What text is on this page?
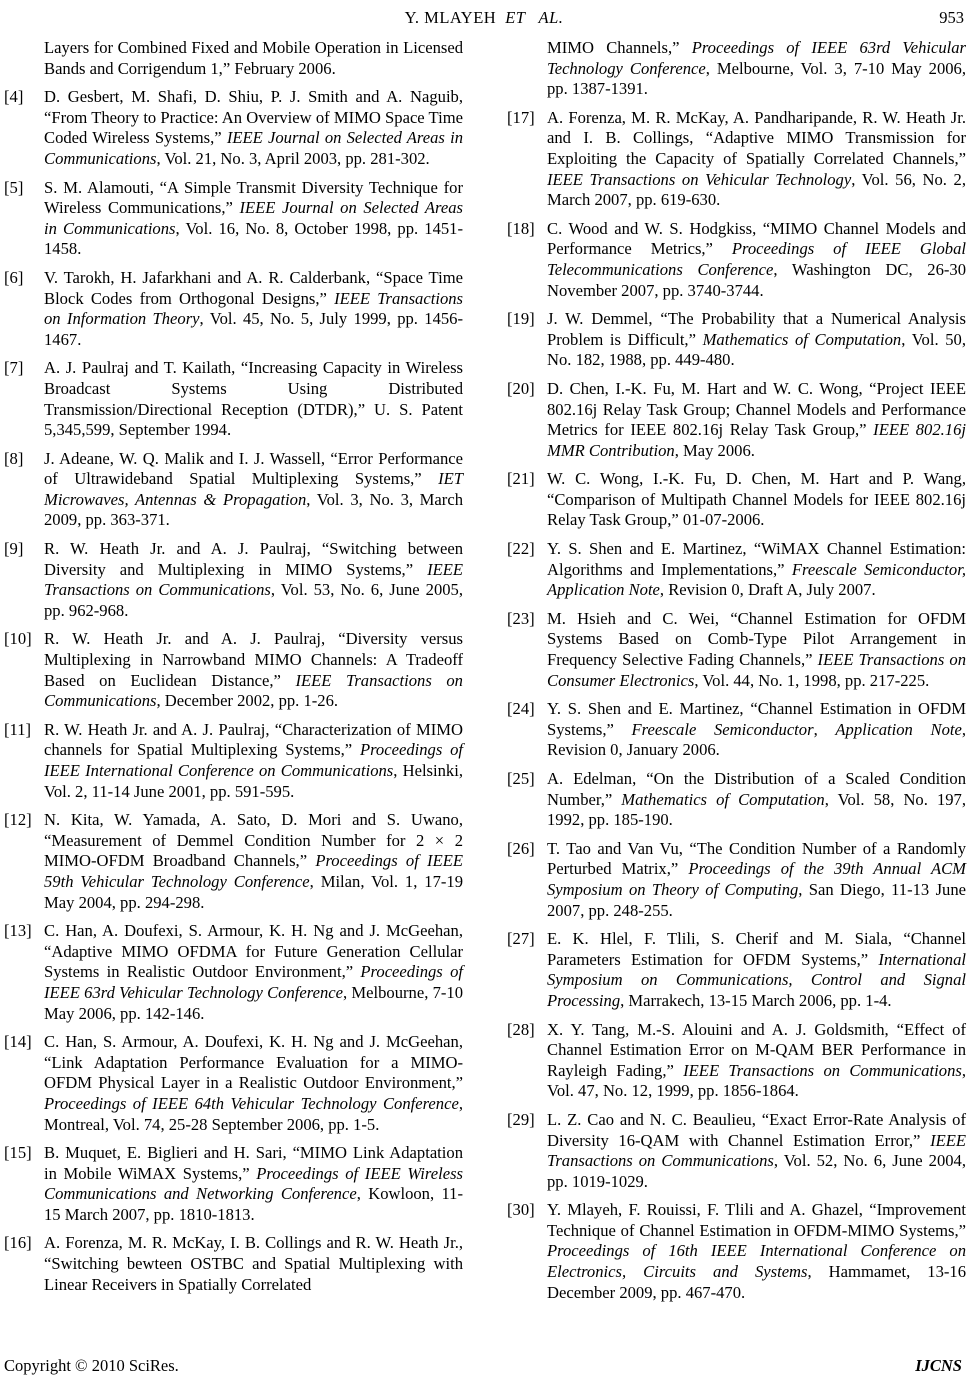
Y. MLAYEH ET AL.	953
Layers for Combined Fixed and Mobile Operation in Licensed Bands and Corrigendum 1,” February 2006.
[4] D. Gesbert, M. Shafi, D. Shiu, P. J. Smith and A. Naguib, “From Theory to Practice: An Overview of MIMO Space Time Coded Wireless Systems,” IEEE Journal on Selected Areas in Communications, Vol. 21, No. 3, April 2003, pp. 281-302.
[5] S. M. Alamouti, “A Simple Transmit Diversity Technique for Wireless Communications,” IEEE Journal on Selected Areas in Communications, Vol. 16, No. 8, October 1998, pp. 1451-1458.
[6] V. Tarokh, H. Jafarkhani and A. R. Calderbank, “Space Time Block Codes from Orthogonal Designs,” IEEE Transactions on Information Theory, Vol. 45, No. 5, July 1999, pp. 1456-1467.
[7] A. J. Paulraj and T. Kailath, “Increasing Capacity in Wireless Broadcast Systems Using Distributed Transmission/Directional Reception (DTDR),” U. S. Patent 5,345,599, September 1994.
[8] J. Adeane, W. Q. Malik and I. J. Wassell, “Error Performance of Ultrawideband Spatial Multiplexing Systems,” IET Microwaves, Antennas & Propagation, Vol. 3, No. 3, March 2009, pp. 363-371.
[9] R. W. Heath Jr. and A. J. Paulraj, “Switching between Diversity and Multiplexing in MIMO Systems,” IEEE Transactions on Communications, Vol. 53, No. 6, June 2005, pp. 962-968.
[10] R. W. Heath Jr. and A. J. Paulraj, “Diversity versus Multiplexing in Narrowband MIMO Channels: A Tradeoff Based on Euclidean Distance,” IEEE Transactions on Communications, December 2002, pp. 1-26.
[11] R. W. Heath Jr. and A. J. Paulraj, “Characterization of MIMO channels for Spatial Multiplexing Systems,” Proceedings of IEEE International Conference on Communications, Helsinki, Vol. 2, 11-14 June 2001, pp. 591-595.
[12] N. Kita, W. Yamada, A. Sato, D. Mori and S. Uwano, “Measurement of Demmel Condition Number for 2 × 2 MIMO-OFDM Broadband Channels,” Proceedings of IEEE 59th Vehicular Technology Conference, Milan, Vol. 1, 17-19 May 2004, pp. 294-298.
[13] C. Han, A. Doufexi, S. Armour, K. H. Ng and J. McGeehan, “Adaptive MIMO OFDMA for Future Generation Cellular Systems in Realistic Outdoor Environment,” Proceedings of IEEE 63rd Vehicular Technology Conference, Melbourne, 7-10 May 2006, pp. 142-146.
[14] C. Han, S. Armour, A. Doufexi, K. H. Ng and J. McGeehan, “Link Adaptation Performance Evaluation for a MIMO-OFDM Physical Layer in a Realistic Outdoor Environment,” Proceedings of IEEE 64th Vehicular Technology Conference, Montreal, Vol. 74, 25-28 September 2006, pp. 1-5.
[15] B. Muquet, E. Biglieri and H. Sari, “MIMO Link Adaptation in Mobile WiMAX Systems,” Proceedings of IEEE Wireless Communications and Networking Conference, Kowloon, 11-15 March 2007, pp. 1810-1813.
[16] A. Forenza, M. R. McKay, I. B. Collings and R. W. Heath Jr., “Switching bewteen OSTBC and Spatial Multiplexing with Linear Receivers in Spatially Correlated
MIMO Channels,” Proceedings of IEEE 63rd Vehicular Technology Conference, Melbourne, Vol. 3, 7-10 May 2006, pp. 1387-1391.
[17] A. Forenza, M. R. McKay, A. Pandharipande, R. W. Heath Jr. and I. B. Collings, “Adaptive MIMO Transmission for Exploiting the Capacity of Spatially Correlated Channels,” IEEE Transactions on Vehicular Technology, Vol. 56, No. 2, March 2007, pp. 619-630.
[18] C. Wood and W. S. Hodgkiss, “MIMO Channel Models and Performance Metrics,” Proceedings of IEEE Global Telecommunications Conference, Washington DC, 26-30 November 2007, pp. 3740-3744.
[19] J. W. Demmel, “The Probability that a Numerical Analysis Problem is Difficult,” Mathematics of Computation, Vol. 50, No. 182, 1988, pp. 449-480.
[20] D. Chen, I.-K. Fu, M. Hart and W. C. Wong, “Project IEEE 802.16j Relay Task Group; Channel Models and Performance Metrics for IEEE 802.16j Relay Task Group,” IEEE 802.16j MMR Contribution, May 2006.
[21] W. C. Wong, I.-K. Fu, D. Chen, M. Hart and P. Wang, “Comparison of Multipath Channel Models for IEEE 802.16j Relay Task Group,” 01-07-2006.
[22] Y. S. Shen and E. Martinez, “WiMAX Channel Estimation: Algorithms and Implementations,” Freescale Semiconductor, Application Note, Revision 0, Draft A, July 2007.
[23] M. Hsieh and C. Wei, “Channel Estimation for OFDM Systems Based on Comb-Type Pilot Arrangement in Frequency Selective Fading Channels,” IEEE Transactions on Consumer Electronics, Vol. 44, No. 1, 1998, pp. 217-225.
[24] Y. S. Shen and E. Martinez, “Channel Estimation in OFDM Systems,” Freescale Semiconductor, Application Note, Revision 0, January 2006.
[25] A. Edelman, “On the Distribution of a Scaled Condition Number,” Mathematics of Computation, Vol. 58, No. 197, 1992, pp. 185-190.
[26] T. Tao and Van Vu, “The Condition Number of a Randomly Perturbed Matrix,” Proceedings of the 39th Annual ACM Symposium on Theory of Computing, San Diego, 11-13 June 2007, pp. 248-255.
[27] E. K. Hlel, F. Tlili, S. Cherif and M. Siala, “Channel Parameters Estimation for OFDM Systems,” International Symposium on Communications, Control and Signal Processing, Marrakech, 13-15 March 2006, pp. 1-4.
[28] X. Y. Tang, M.-S. Alouini and A. J. Goldsmith, “Effect of Channel Estimation Error on M-QAM BER Performance in Rayleigh Fading,” IEEE Transactions on Communications, Vol. 47, No. 12, 1999, pp. 1856-1864.
[29] L. Z. Cao and N. C. Beaulieu, “Exact Error-Rate Analysis of Diversity 16-QAM with Channel Estimation Error,” IEEE Transactions on Communications, Vol. 52, No. 6, June 2004, pp. 1019-1029.
[30] Y. Mlayeh, F. Rouissi, F. Tlili and A. Ghazel, “Improvement Technique of Channel Estimation in OFDM-MIMO Systems,” Proceedings of 16th IEEE International Conference on Electronics, Circuits and Systems, Hammamet, 13-16 December 2009, pp. 467-470.
Copyright © 2010 SciRes.	IJCNS
